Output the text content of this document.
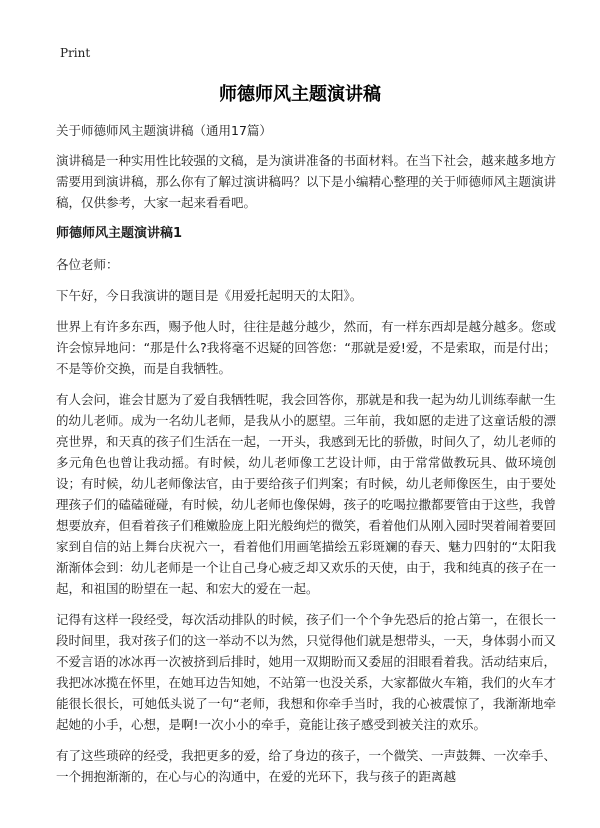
Print
师德师风主题演讲稿

关于师德师风主题演讲稿（通用17篇）

演讲稿是一种实用性比较强的文稿，是为演讲准备的书面材料。在当下社会，越来越多地方需要用到演讲稿，那么你有了解过演讲稿吗？以下是小编精心整理的关于师德师风主题演讲稿，仅供参考，大家一起来看看吧。

师德师风主题演讲稿1

各位老师：

下午好，今日我演讲的题目是《用爱托起明天的太阳》。

世界上有许多东西，赐予他人时，往往是越分越少，然而，有一样东西却是越分越多。您或许会惊异地问：“那是什么?我将毫不迟疑的回答您：“那就是爱!爱，不是索取，而是付出；不是等价交换，而是自我牺牲。

有人会问，谁会甘愿为了爱自我牺牲呢，我会回答你，那就是和我一起为幼儿训练奉献一生的幼儿老师。成为一名幼儿老师，是我从小的愿望。三年前，我如愿的走进了这童话般的漂亮世界，和天真的孩子们生活在一起，一开头，我感到无比的骄傲，时间久了，幼儿老师的多元角色也曾让我动摇。有时候，幼儿老师像工艺设计师，由于常常做教玩具、做环境创设；有时候，幼儿老师像法官，由于要给孩子们判案；有时候，幼儿老师像医生，由于要处理孩子们的磕磕碰碰，有时候，幼儿老师也像保姆，孩子的吃喝拉撒都要管由于这些，我曾想要放弃，但看着孩子们稚嫩脸庞上阳光般绚烂的微笑，看着他们从刚入园时哭着闹着要回家到自信的站上舞台庆祝六一，看着他们用画笔描绘五彩斑斓的春天、魅力四射的“太阳我渐渐体会到：幼儿老师是一个让自己身心疲乏却又欢乐的天使，由于，我和纯真的孩子在一起，和祖国的盼望在一起、和宏大的爱在一起。

记得有这样一段经受，每次活动排队的时候，孩子们一个个争先恐后的抢占第一，在很长一段时间里，我对孩子们的这一举动不以为然，只觉得他们就是想带头，一天，身体弱小而又不爱言语的冰冰再一次被挤到后排时，她用一双期盼而又委屈的泪眼看着我。活动结束后，我把冰冰揽在怀里，在她耳边告知她，不站第一也没关系，大家都做火车箱，我们的火车才能很长很长，可她低头说了一句“老师，我想和你牵手当时，我的心被震惊了，我渐渐地牵起她的小手，心想，是啊!一次小小的牵手，竟能让孩子感受到被关注的欢乐。

有了这些琐碎的经受，我把更多的爱，给了身边的孩子，一个微笑、一声鼓舞、一次牵手、一个拥抱渐渐的，在心与心的沟通中，在爱的光环下，我与孩子的距离越
